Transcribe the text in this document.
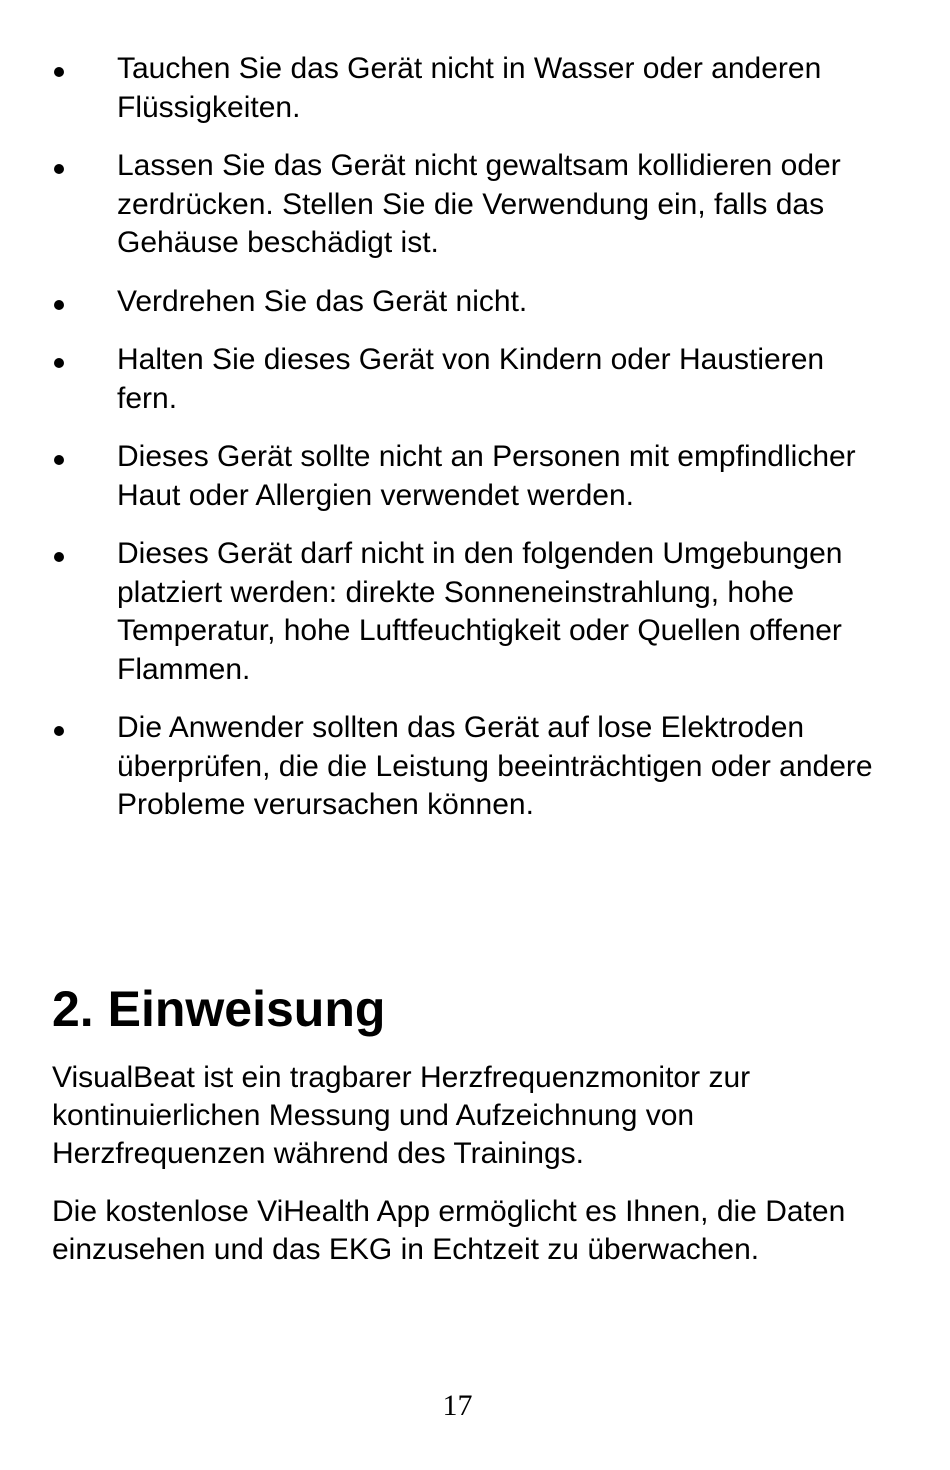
Tauchen Sie das Gerät nicht in Wasser oder anderen Flüssigkeiten.
Lassen Sie das Gerät nicht gewaltsam kollidieren oder zerdrücken. Stellen Sie die Verwendung ein, falls das Gehäuse beschädigt ist.
Verdrehen Sie das Gerät nicht.
Halten Sie dieses Gerät von Kindern oder Haustieren fern.
Dieses Gerät sollte nicht an Personen mit empfindlicher Haut oder Allergien verwendet werden.
Dieses Gerät darf nicht in den folgenden Umgebungen platziert werden: direkte Sonneneinstrahlung, hohe Temperatur, hohe Luftfeuchtigkeit oder Quellen offener Flammen.
Die Anwender sollten das Gerät auf lose Elektroden überprüfen, die die Leistung beeinträchtigen oder andere Probleme verursachen können.
2. Einweisung

VisualBeat ist ein tragbarer Herzfrequenzmonitor zur kontinuierlichen Messung und Aufzeichnung von Herzfrequenzen während des Trainings.

Die kostenlose ViHealth App ermöglicht es Ihnen, die Daten einzusehen und das EKG in Echtzeit zu überwachen.

17
